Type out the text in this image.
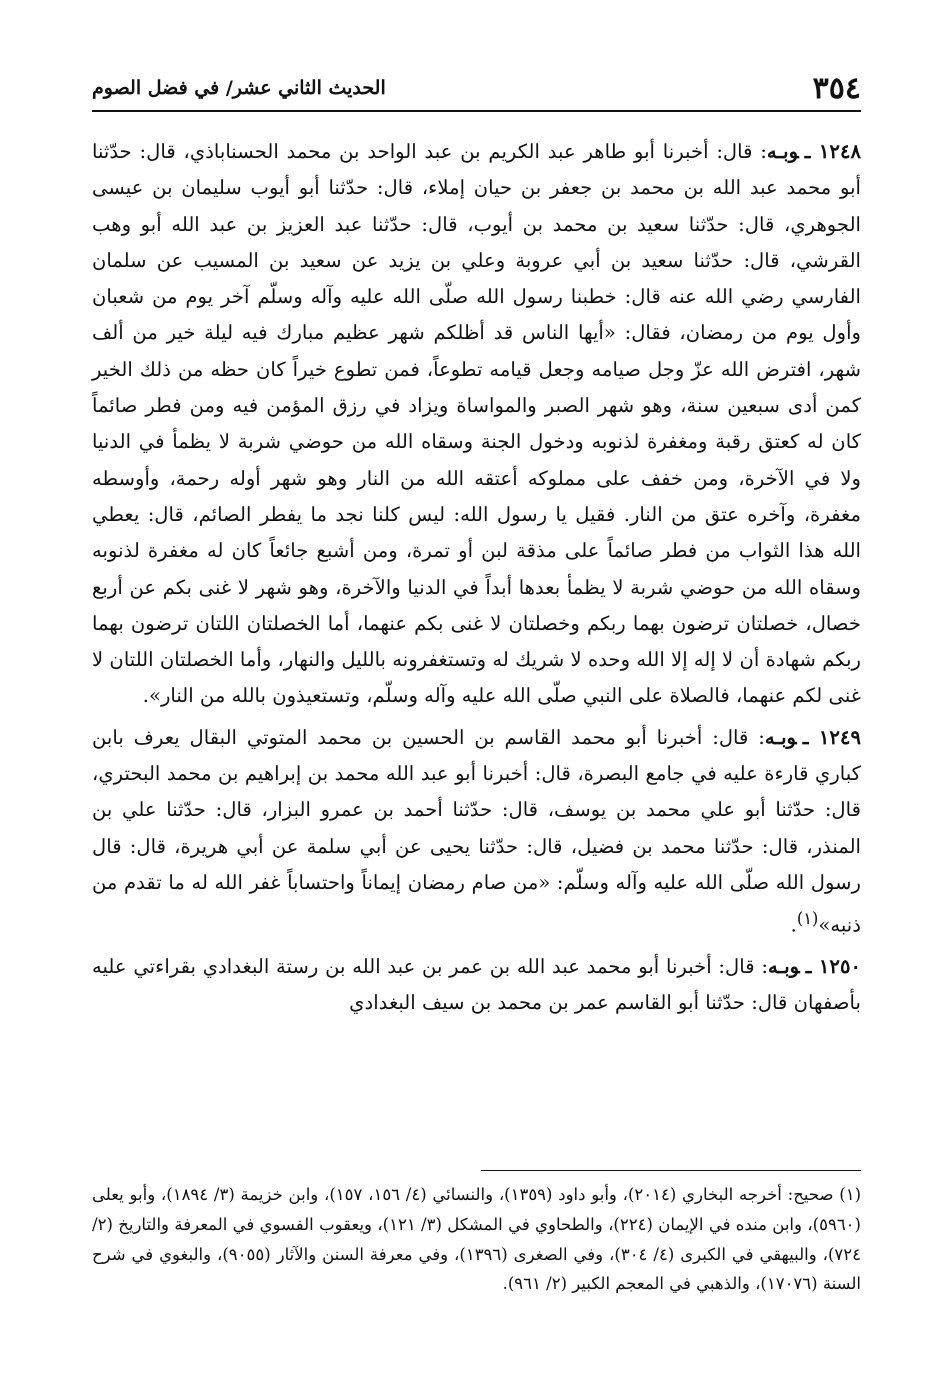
٣٥٤
الحديث الثاني عشر/ في فضل الصوم

١٢٤٨ ـوبـه: قال: أخبرنا أبو طاهر عبد الكريم بن عبد الواحد بن محمد الحسناباذي، قال: حدّثنا أبو محمد عبد الله بن محمد بن جعفر بن حيان إملاء، قال: حدّثنا أبو أيوب سليمان بن عيسى الجوهري، قال: حدّثنا سعيد بن محمد بن أيوب، قال: حدّثنا عبد العزيز بن عبد الله أبو وهب القرشي، قال: حدّثنا سعيد بن أبي عروبة وعلي بن يزيد عن سعيد بن المسيب عن سلمان الفارسي رضي الله عنه قال: خطبنا رسول الله صلّى الله عليه وآله وسلّم آخر يوم من شعبان وأول يوم من رمضان، فقال: «أيها الناس قد أظلكم شهر عظيم مبارك فيه ليلة خير من ألف شهر، افترض الله عزّ وجل صيامه وجعل قيامه تطوعاً، فمن تطوع خيراً كان حظه من ذلك الخير كمن أدى سبعين سنة، وهو شهر الصبر والمواساة ويزاد في رزق المؤمن فيه ومن فطر صائماً كان له كعتق رقبة ومغفرة لذنوبه ودخول الجنة وسقاه الله من حوضي شربة لا يظمأ في الدنيا ولا في الآخرة، ومن خفف على مملوكه أعتقه الله من النار وهو شهر أوله رحمة، وأوسطه مغفرة، وآخره عتق من النار. فقيل يا رسول الله: ليس كلنا نجد ما يفطر الصائم، قال: يعطي الله هذا الثواب من فطر صائماً على مذقة لبن أو تمرة، ومن أشبع جائعاً كان له مغفرة لذنوبه وسقاه الله من حوضي شربة لا يظمأ بعدها أبداً في الدنيا والآخرة، وهو شهر لا غنى بكم عن أربع خصال، خصلتان ترضون بهما ربكم وخصلتان لا غنى بكم عنهما، أما الخصلتان اللتان ترضون بهما ربكم شهادة أن لا إله إلا الله وحده لا شريك له وتستغفرونه بالليل والنهار، وأما الخصلتان اللتان لا غنى لكم عنهما، فالصلاة على النبي صلّى الله عليه وآله وسلّم، وتستعيذون بالله من النار».

١٢٤٩ ـوبـه: قال: أخبرنا أبو محمد القاسم بن الحسين بن محمد المتوتي البقال يعرف بابن كباري قارءة عليه في جامع البصرة، قال: أخبرنا أبو عبد الله محمد بن إبراهيم بن محمد البحتري، قال: حدّثنا أبو علي محمد بن يوسف، قال: حدّثنا أحمد بن عمرو البزار، قال: حدّثنا علي بن المنذر، قال: حدّثنا محمد بن فضيل، قال: حدّثنا يحيى عن أبي سلمة عن أبي هريرة، قال: قال رسول الله صلّى الله عليه وآله وسلّم: «من صام رمضان إيماناً واحتساباً غفر الله له ما تقدم من ذنبه»$^{(١)}$.

١٢٥٠ ـوبـه: قال: أخبرنا أبو محمد عبد الله بن عمر بن عبد الله بن رستة البغدادي بقراءتي عليه بأصفهان قال: حدّثنا أبو القاسم عمر بن محمد بن سيف البغدادي

(١) صحيح: أخرجه البخاري (٢٠١٤)، وأبو داود (١٣٥٩)، والنسائي (٤/ ١٥٦، ١٥٧)، وابن خزيمة (٣/ ١٨٩٤)، وأبو يعلى (٥٩٦٠)، وابن منده في الإيمان (٢٢٤)، والطحاوي في المشكل (٣/ ١٢١)، ويعقوب الفسوي في المعرفة والتاريخ (٢/ ٧٢٤)، والبيهقي في الكبرى (٤/ ٣٠٤)، وفي الصغرى (١٣٩٦)، وفي معرفة السنن والآثار (٩٠٥٥)، والبغوي في شرح السنة (١٧٠٧٦)، والذهبي في المعجم الكبير (٢/ ٩٦١).
